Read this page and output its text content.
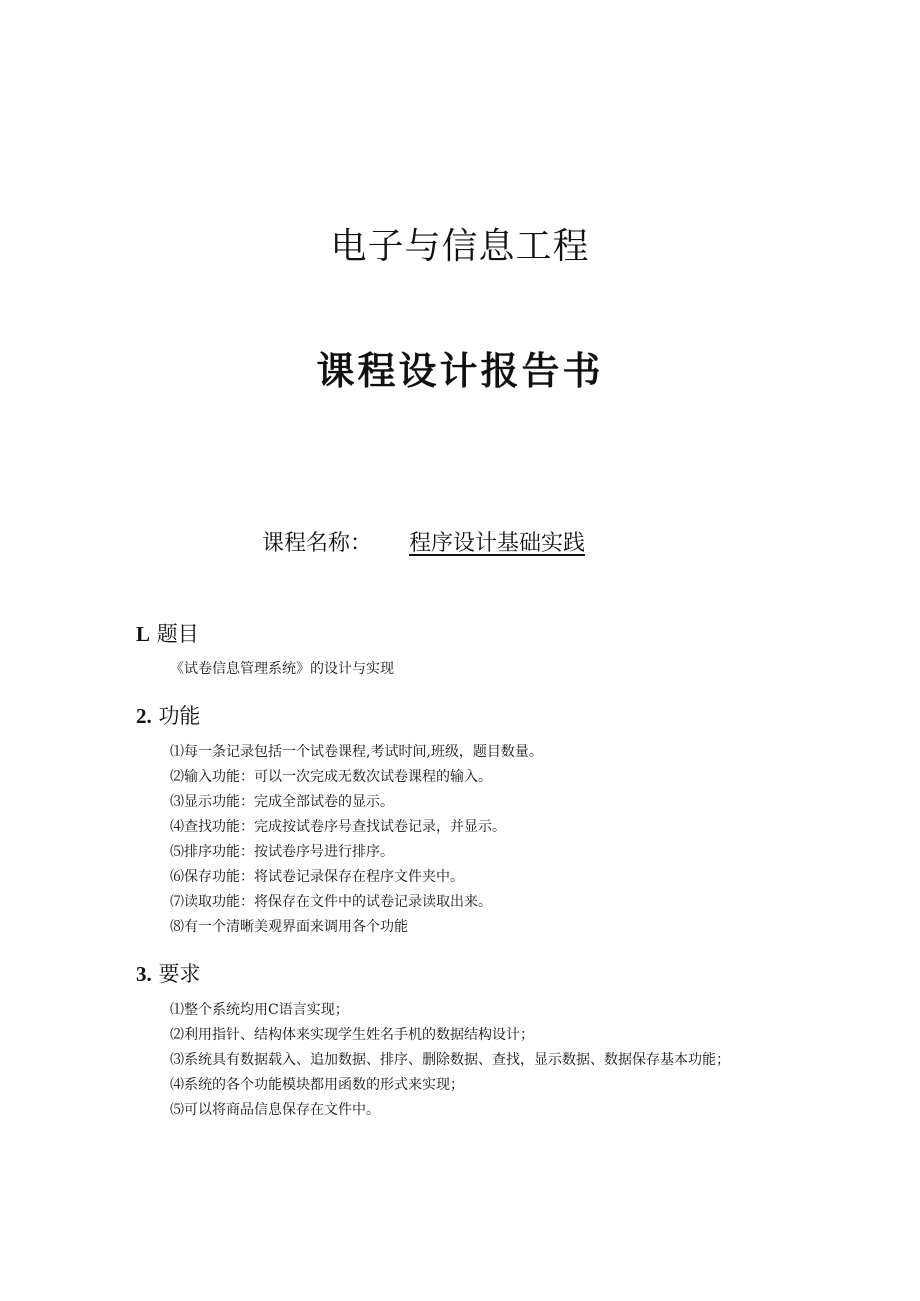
电子与信息工程
课程设计报告书
课程名称： 程序设计基础实践
L 题目
《试卷信息管理系统》的设计与实现
2. 功能
⑴每一条记录包括一个试卷课程,考试时间,班级，题目数量。
⑵输入功能：可以一次完成无数次试卷课程的输入。
⑶显示功能：完成全部试卷的显示。
⑷查找功能：完成按试卷序号查找试卷记录，并显示。
⑸排序功能：按试卷序号进行排序。
⑹保存功能：将试卷记录保存在程序文件夹中。
⑺读取功能：将保存在文件中的试卷记录读取出来。
⑻有一个清晰美观界面来调用各个功能
3. 要求
⑴整个系统均用C语言实现；
⑵利用指针、结构体来实现学生姓名手机的数据结构设计；
⑶系统具有数据载入、追加数据、排序、删除数据、查找，显示数据、数据保存基本功能；
⑷系统的各个功能模块都用函数的形式来实现；
⑸可以将商品信息保存在文件中。
